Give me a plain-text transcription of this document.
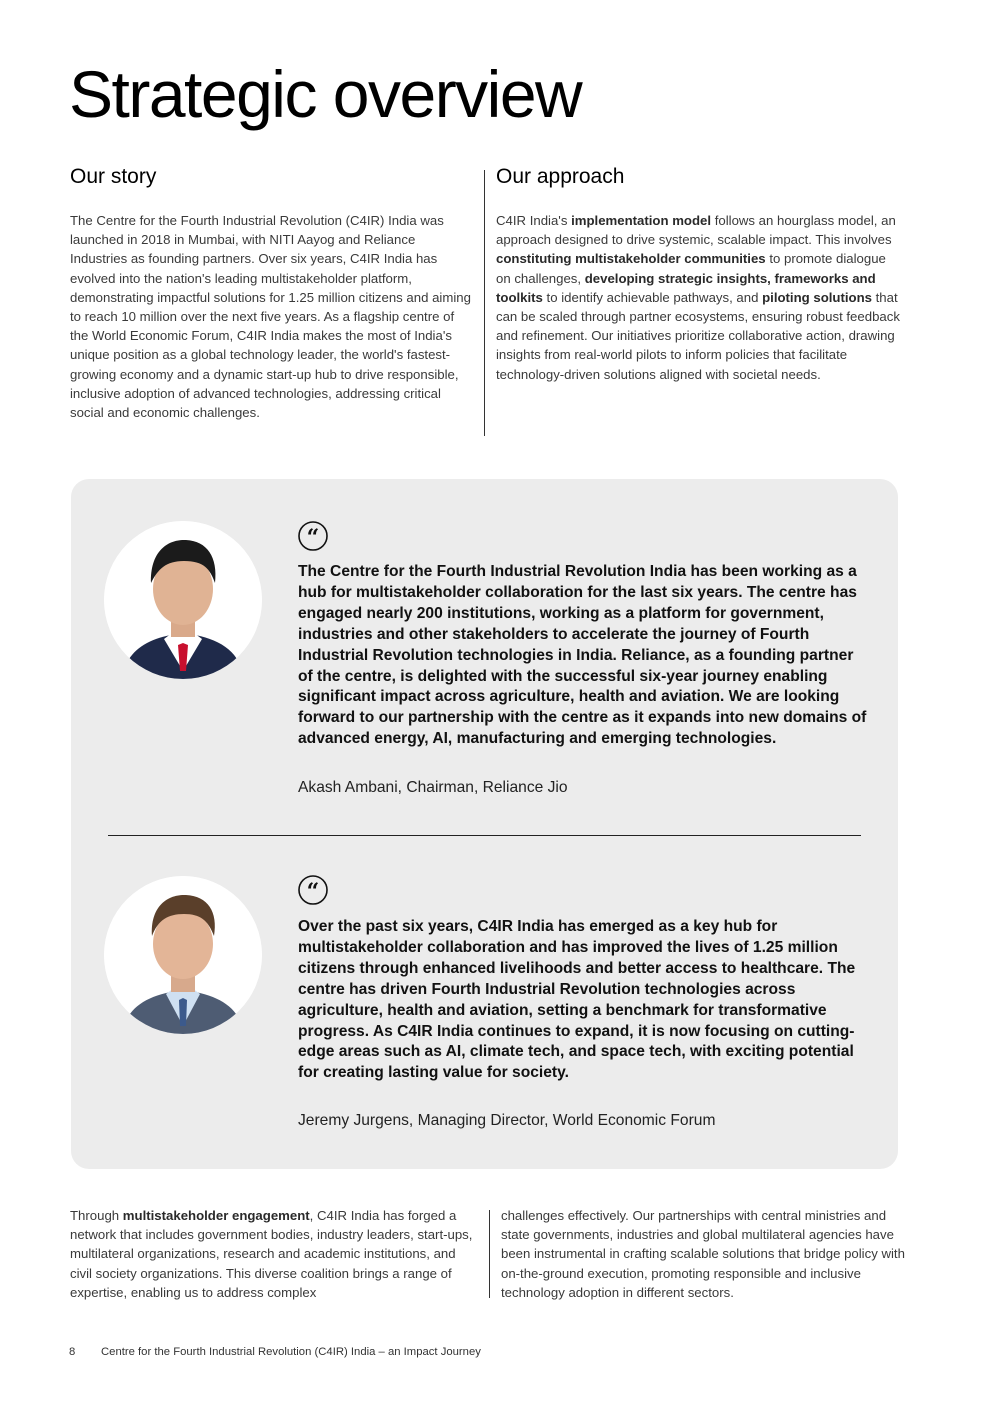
Strategic overview
Our story

The Centre for the Fourth Industrial Revolution (C4IR) India was launched in 2018 in Mumbai, with NITI Aayog and Reliance Industries as founding partners. Over six years, C4IR India has evolved into the nation's leading multistakeholder platform, demonstrating impactful solutions for 1.25 million citizens and aiming to reach 10 million over the next five years. As a flagship centre of the World Economic Forum, C4IR India makes the most of India's unique position as a global technology leader, the world's fastest-growing economy and a dynamic start-up hub to drive responsible, inclusive adoption of advanced technologies, addressing critical social and economic challenges.

Our approach

C4IR India's implementation model follows an hourglass model, an approach designed to drive systemic, scalable impact. This involves constituting multistakeholder communities to promote dialogue on challenges, developing strategic insights, frameworks and toolkits to identify achievable pathways, and piloting solutions that can be scaled through partner ecosystems, ensuring robust feedback and refinement. Our initiatives prioritize collaborative action, drawing insights from real-world pilots to inform policies that facilitate technology-driven solutions aligned with societal needs.

“

The Centre for the Fourth Industrial Revolution India has been working as a hub for multistakeholder collaboration for the last six years. The centre has engaged nearly 200 institutions, working as a platform for government, industries and other stakeholders to accelerate the journey of Fourth Industrial Revolution technologies in India. Reliance, as a founding partner of the centre, is delighted with the successful six-year journey enabling significant impact across agriculture, health and aviation. We are looking forward to our partnership with the centre as it expands into new domains of advanced energy, AI, manufacturing and emerging technologies.

Akash Ambani, Chairman, Reliance Jio

“

Over the past six years, C4IR India has emerged as a key hub for multistakeholder collaboration and has improved the lives of 1.25 million citizens through enhanced livelihoods and better access to healthcare. The centre has driven Fourth Industrial Revolution technologies across agriculture, health and aviation, setting a benchmark for transformative progress. As C4IR India continues to expand, it is now focusing on cutting-edge areas such as AI, climate tech, and space tech, with exciting potential for creating lasting value for society.

Jeremy Jurgens, Managing Director, World Economic Forum

Through multistakeholder engagement, C4IR India has forged a network that includes government bodies, industry leaders, start-ups, multilateral organizations, research and academic institutions, and civil society organizations. This diverse coalition brings a range of expertise, enabling us to address complex

challenges effectively. Our partnerships with central ministries and state governments, industries and global multilateral agencies have been instrumental in crafting scalable solutions that bridge policy with on-the-ground execution, promoting responsible and inclusive technology adoption in different sectors.

8 Centre for the Fourth Industrial Revolution (C4IR) India – an Impact Journey
